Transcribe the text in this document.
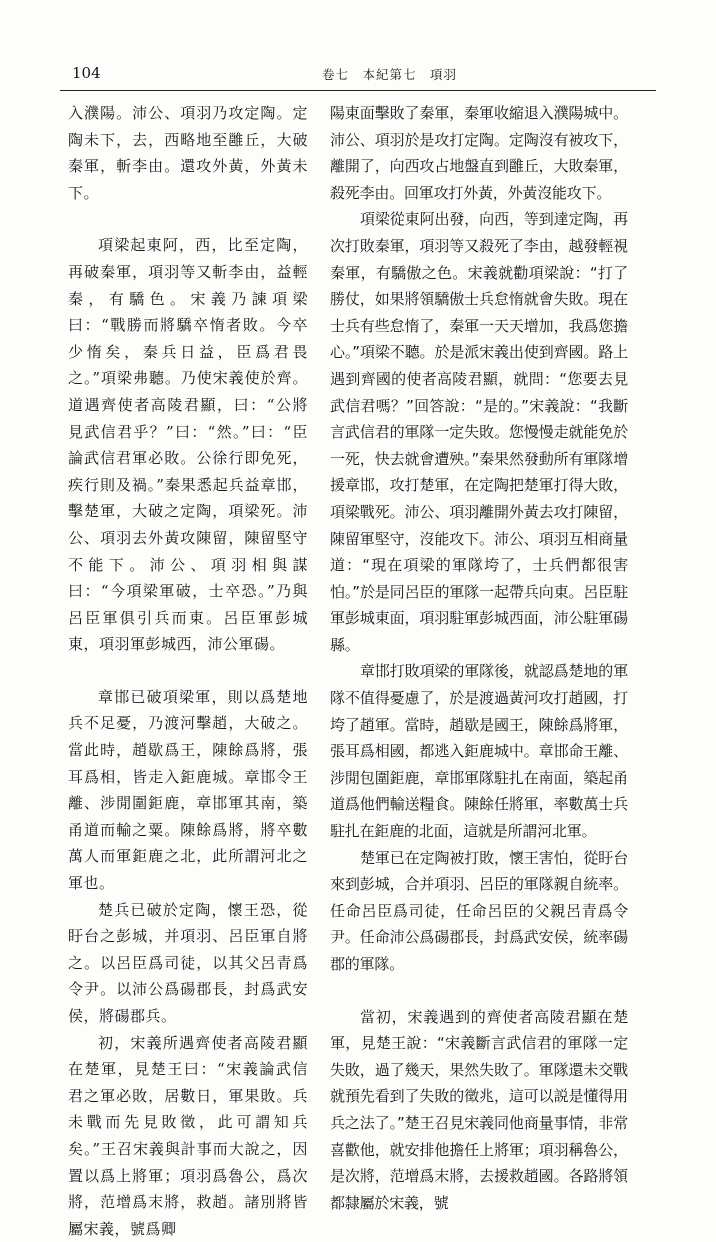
104	卷七　本紀第七　項羽

入濮陽。沛公、項羽乃攻定陶。定陶未下，去，西略地至雝丘，大破秦軍，斬李由。還攻外黃，外黃未下。

項梁起東阿，西，比至定陶，再破秦軍，項羽等又斬李由，益輕秦，有驕色。宋義乃諫項梁曰：“戰勝而將驕卒惰者敗。今卒少惰矣，秦兵日益，臣爲君畏之。”項梁弗聽。乃使宋義使於齊。道遇齊使者高陵君顯，曰：“公將見武信君乎？”曰：“然。”曰：“臣論武信君軍必敗。公徐行即免死，疾行則及禍。”秦果悉起兵益章邯，擊楚軍，大破之定陶，項梁死。沛公、項羽去外黃攻陳留，陳留堅守不能下。沛公、項羽相與謀曰：“今項梁軍破，士卒恐。”乃與呂臣軍俱引兵而東。呂臣軍彭城東，項羽軍彭城西，沛公軍碭。

章邯已破項梁軍，則以爲楚地兵不足憂，乃渡河擊趙，大破之。當此時，趙歇爲王，陳餘爲將，張耳爲相，皆走入鉅鹿城。章邯令王離、涉閒圍鉅鹿，章邯軍其南，築甬道而輸之粟。陳餘爲將，將卒數萬人而軍鉅鹿之北，此所謂河北之軍也。

楚兵已破於定陶，懷王恐，從盱台之彭城，并項羽、呂臣軍自將之。以呂臣爲司徒，以其父呂青爲令尹。以沛公爲碭郡長，封爲武安侯，將碭郡兵。

初，宋義所遇齊使者高陵君顯在楚軍，見楚王曰：“宋義論武信君之軍必敗，居數日，軍果敗。兵未戰而先見敗徵，此可謂知兵矣。”王召宋義與計事而大說之，因置以爲上將軍；項羽爲魯公，爲次將，范增爲末將，救趙。諸別將皆屬宋義，號爲卿

陽東面擊敗了秦軍，秦軍收縮退入濮陽城中。沛公、項羽於是攻打定陶。定陶沒有被攻下，離開了，向西攻占地盤直到雝丘，大敗秦軍，殺死李由。回軍攻打外黃，外黃沒能攻下。

項梁從東阿出發，向西，等到達定陶，再次打敗秦軍，項羽等又殺死了李由，越發輕視秦軍，有驕傲之色。宋義就勸項梁說：“打了勝仗，如果將領驕傲士兵怠惰就會失敗。現在士兵有些怠惰了，秦軍一天天增加，我爲您擔心。”項梁不聽。於是派宋義出使到齊國。路上遇到齊國的使者高陵君顯，就問：“您要去見武信君嗎？”回答說：“是的。”宋義說：“我斷言武信君的軍隊一定失敗。您慢慢走就能免於一死，快去就會遭殃。”秦果然發動所有軍隊增援章邯，攻打楚軍，在定陶把楚軍打得大敗，項梁戰死。沛公、項羽離開外黃去攻打陳留，陳留軍堅守，沒能攻下。沛公、項羽互相商量道：“現在項梁的軍隊垮了，士兵們都很害怕。”於是同呂臣的軍隊一起帶兵向東。呂臣駐軍彭城東面，項羽駐軍彭城西面，沛公駐軍碭縣。

章邯打敗項梁的軍隊後，就認爲楚地的軍隊不值得憂慮了，於是渡過黃河攻打趙國，打垮了趙軍。當時，趙歇是國王，陳餘爲將軍，張耳爲相國，都逃入鉅鹿城中。章邯命王離、涉閒包圍鉅鹿，章邯軍隊駐扎在南面，築起甬道爲他們輸送糧食。陳餘任將軍，率數萬士兵駐扎在鉅鹿的北面，這就是所謂河北軍。

楚軍已在定陶被打敗，懷王害怕，從盱台來到彭城，合并項羽、呂臣的軍隊親自統率。任命呂臣爲司徒，任命呂臣的父親呂青爲令尹。任命沛公爲碭郡長，封爲武安侯，統率碭郡的軍隊。

當初，宋義遇到的齊使者高陵君顯在楚軍，見楚王說：“宋義斷言武信君的軍隊一定失敗，過了幾天，果然失敗了。軍隊還未交戰就預先看到了失敗的徵兆，這可以説是懂得用兵之法了。”楚王召見宋義同他商量事情，非常喜歡他，就安排他擔任上將軍；項羽稱魯公，是次將，范增爲末將，去援救趙國。各路將領都隸屬於宋義，號
